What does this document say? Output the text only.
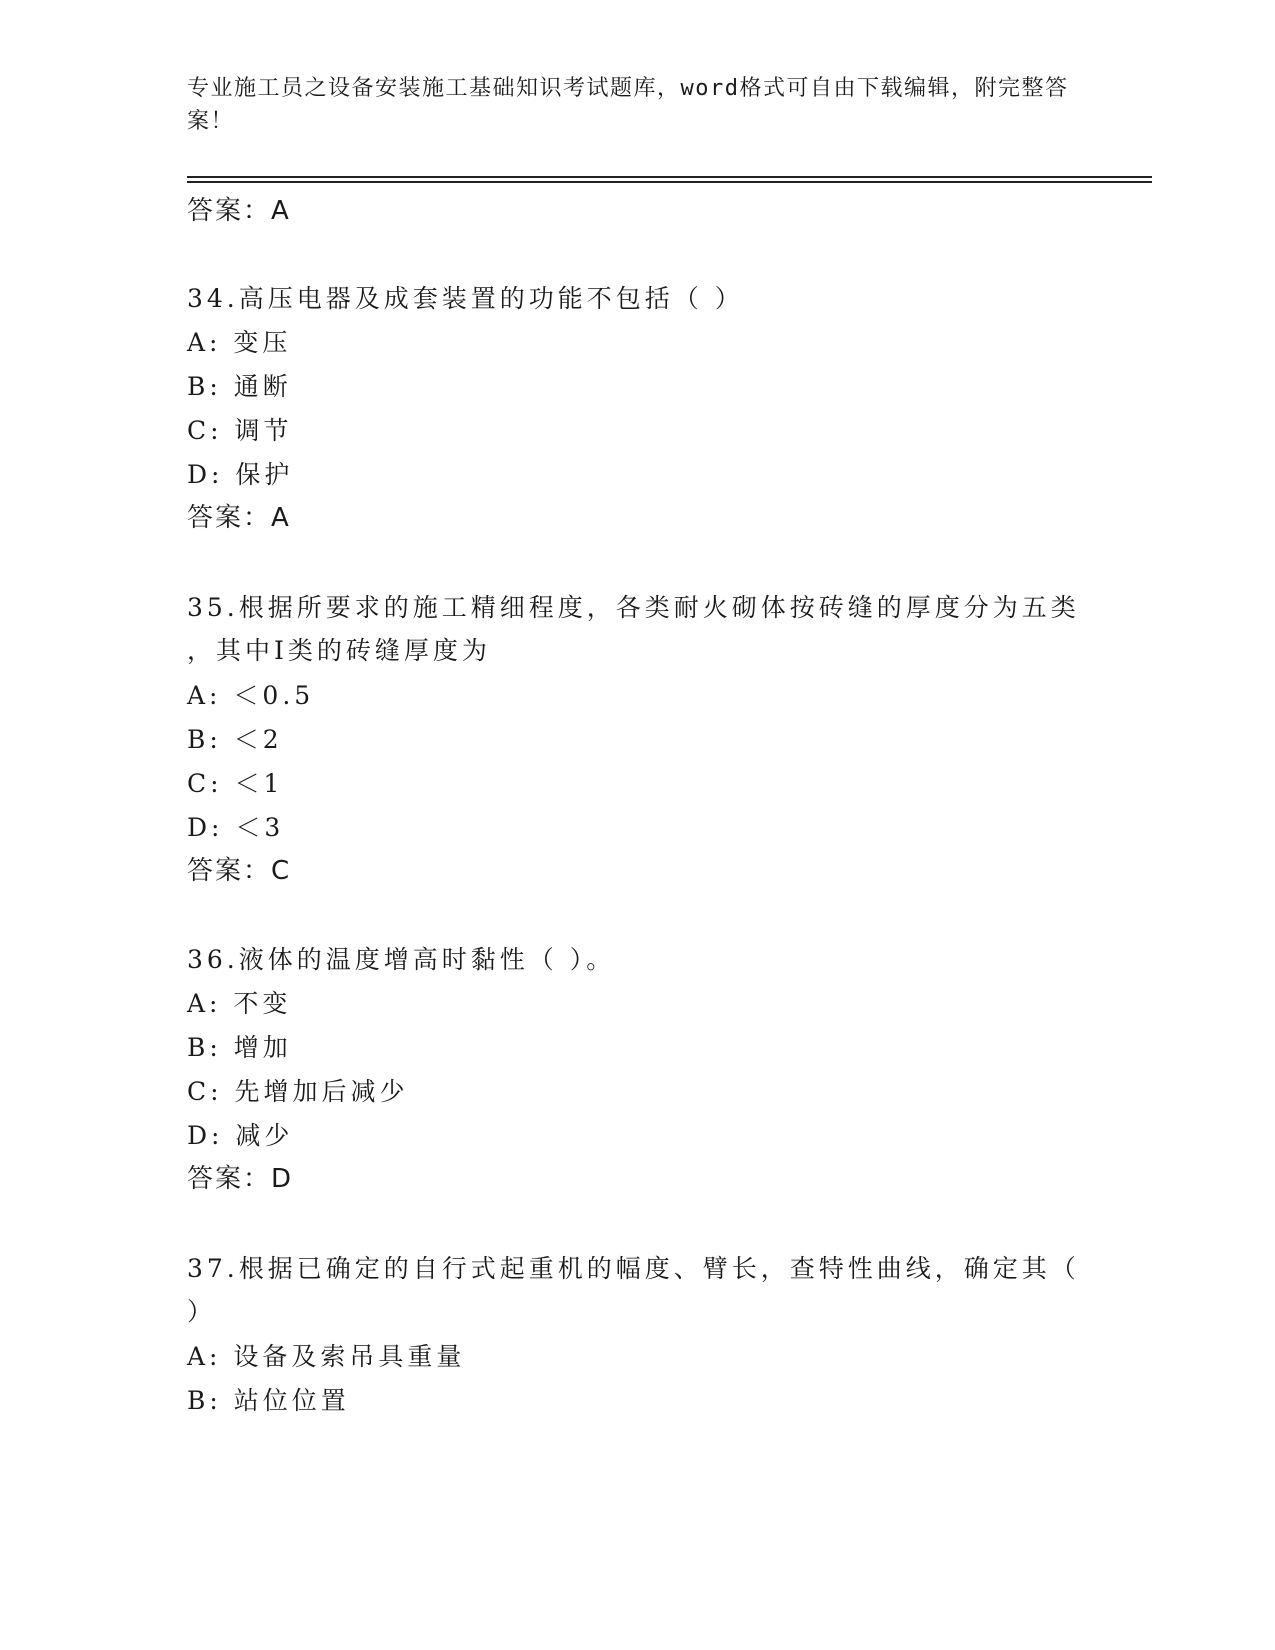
专业施工员之设备安装施工基础知识考试题库，word格式可自由下载编辑，附完整答案！
答案：A
34.高压电器及成套装置的功能不包括（ ）
A: 变压
B: 通断
C: 调节
D: 保护
答案：A
35.根据所要求的施工精细程度，各类耐火砌体按砖缝的厚度分为五类
，其中I类的砖缝厚度为
A: ＜0.5
B: ＜2
C: ＜1
D: ＜3
答案：C
36.液体的温度增高时黏性（ ）。
A: 不变
B: 增加
C: 先增加后减少
D: 减少
答案：D
37.根据已确定的自行式起重机的幅度、臂长，查特性曲线，确定其（
）
A: 设备及索吊具重量
B: 站位位置
